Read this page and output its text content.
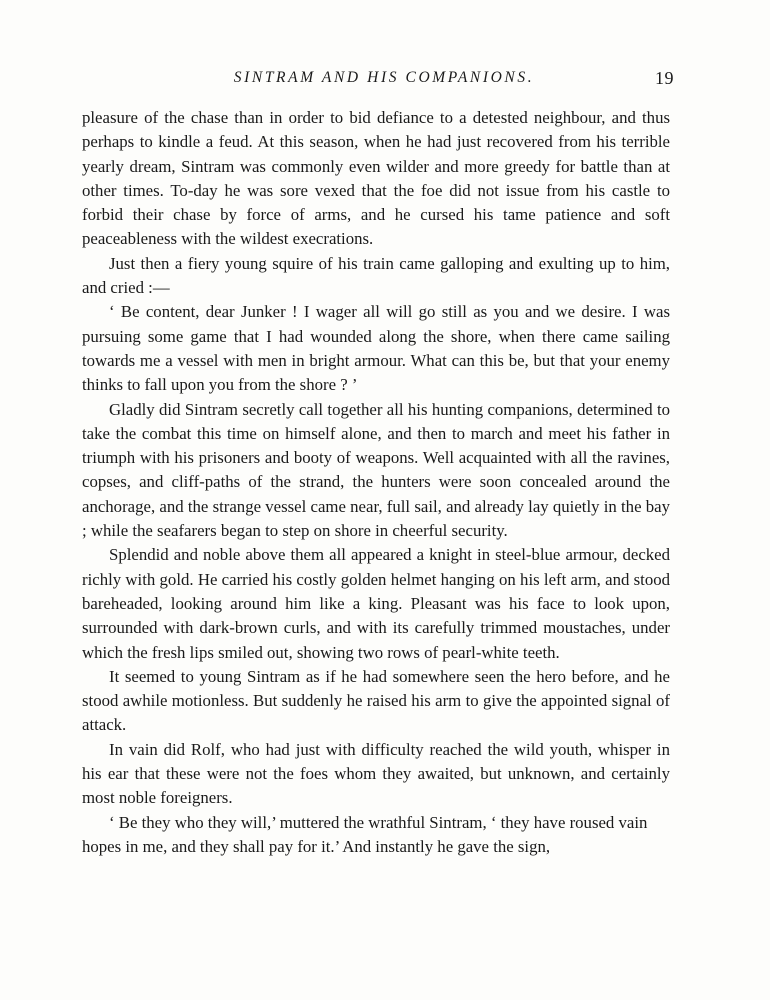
SINTRAM AND HIS COMPANIONS.	19

pleasure of the chase than in order to bid defiance to a detested neighbour, and thus perhaps to kindle a feud. At this season, when he had just recovered from his terrible yearly dream, Sintram was commonly even wilder and more greedy for battle than at other times. To-day he was sore vexed that the foe did not issue from his castle to forbid their chase by force of arms, and he cursed his tame patience and soft peaceableness with the wildest execrations.

Just then a fiery young squire of his train came galloping and exulting up to him, and cried :—

‘ Be content, dear Junker ! I wager all will go still as you and we desire. I was pursuing some game that I had wounded along the shore, when there came sailing towards me a vessel with men in bright armour. What can this be, but that your enemy thinks to fall upon you from the shore ? ’

Gladly did Sintram secretly call together all his hunting companions, determined to take the combat this time on himself alone, and then to march and meet his father in triumph with his prisoners and booty of weapons. Well acquainted with all the ravines, copses, and cliff-paths of the strand, the hunters were soon concealed around the anchorage, and the strange vessel came near, full sail, and already lay quietly in the bay ; while the seafarers began to step on shore in cheerful security.

Splendid and noble above them all appeared a knight in steel-blue armour, decked richly with gold. He carried his costly golden helmet hanging on his left arm, and stood bareheaded, looking around him like a king. Pleasant was his face to look upon, surrounded with dark-brown curls, and with its carefully trimmed moustaches, under which the fresh lips smiled out, showing two rows of pearl-white teeth.

It seemed to young Sintram as if he had somewhere seen the hero before, and he stood awhile motionless. But suddenly he raised his arm to give the appointed signal of attack.

In vain did Rolf, who had just with difficulty reached the wild youth, whisper in his ear that these were not the foes whom they awaited, but unknown, and certainly most noble foreigners.

‘ Be they who they will,’ muttered the wrathful Sintram, ‘ they have roused vain hopes in me, and they shall pay for it.’ And instantly he gave the sign,
